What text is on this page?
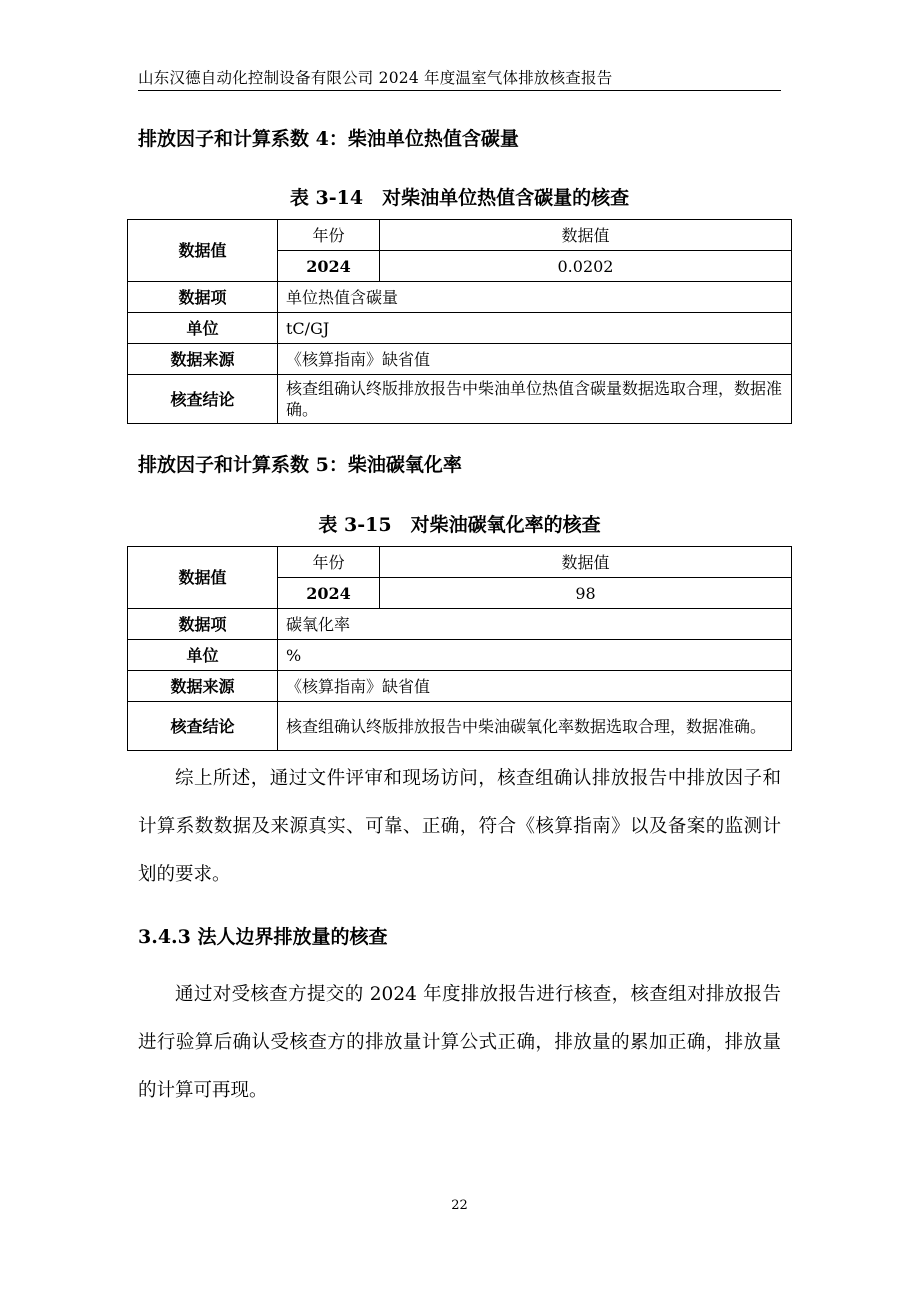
山东汉德自动化控制设备有限公司 2024 年度温室气体排放核查报告
排放因子和计算系数 4：柴油单位热值含碳量
表 3-14　对柴油单位热值含碳量的核查
数据值	年份	数据值
	2024	0.0202
数据项	单位热值含碳量	
单位	tC/GJ	
数据来源	《核算指南》缺省值	
核查结论	核查组确认终版排放报告中柴油单位热值含碳量数据选取合理，数据准确。	
排放因子和计算系数 5：柴油碳氧化率
表 3-15　对柴油碳氧化率的核查
数据值	年份	数据值
	2024	98
数据项	碳氧化率	
单位	%	
数据来源	《核算指南》缺省值	
核查结论	核查组确认终版排放报告中柴油碳氧化率数据选取合理，数据准确。	
综上所述，通过文件评审和现场访问，核查组确认排放报告中排放因子和计算系数数据及来源真实、可靠、正确，符合《核算指南》以及备案的监测计划的要求。
3.4.3 法人边界排放量的核查
通过对受核查方提交的 2024 年度排放报告进行核查，核查组对排放报告进行验算后确认受核查方的排放量计算公式正确，排放量的累加正确，排放量的计算可再现。
22
